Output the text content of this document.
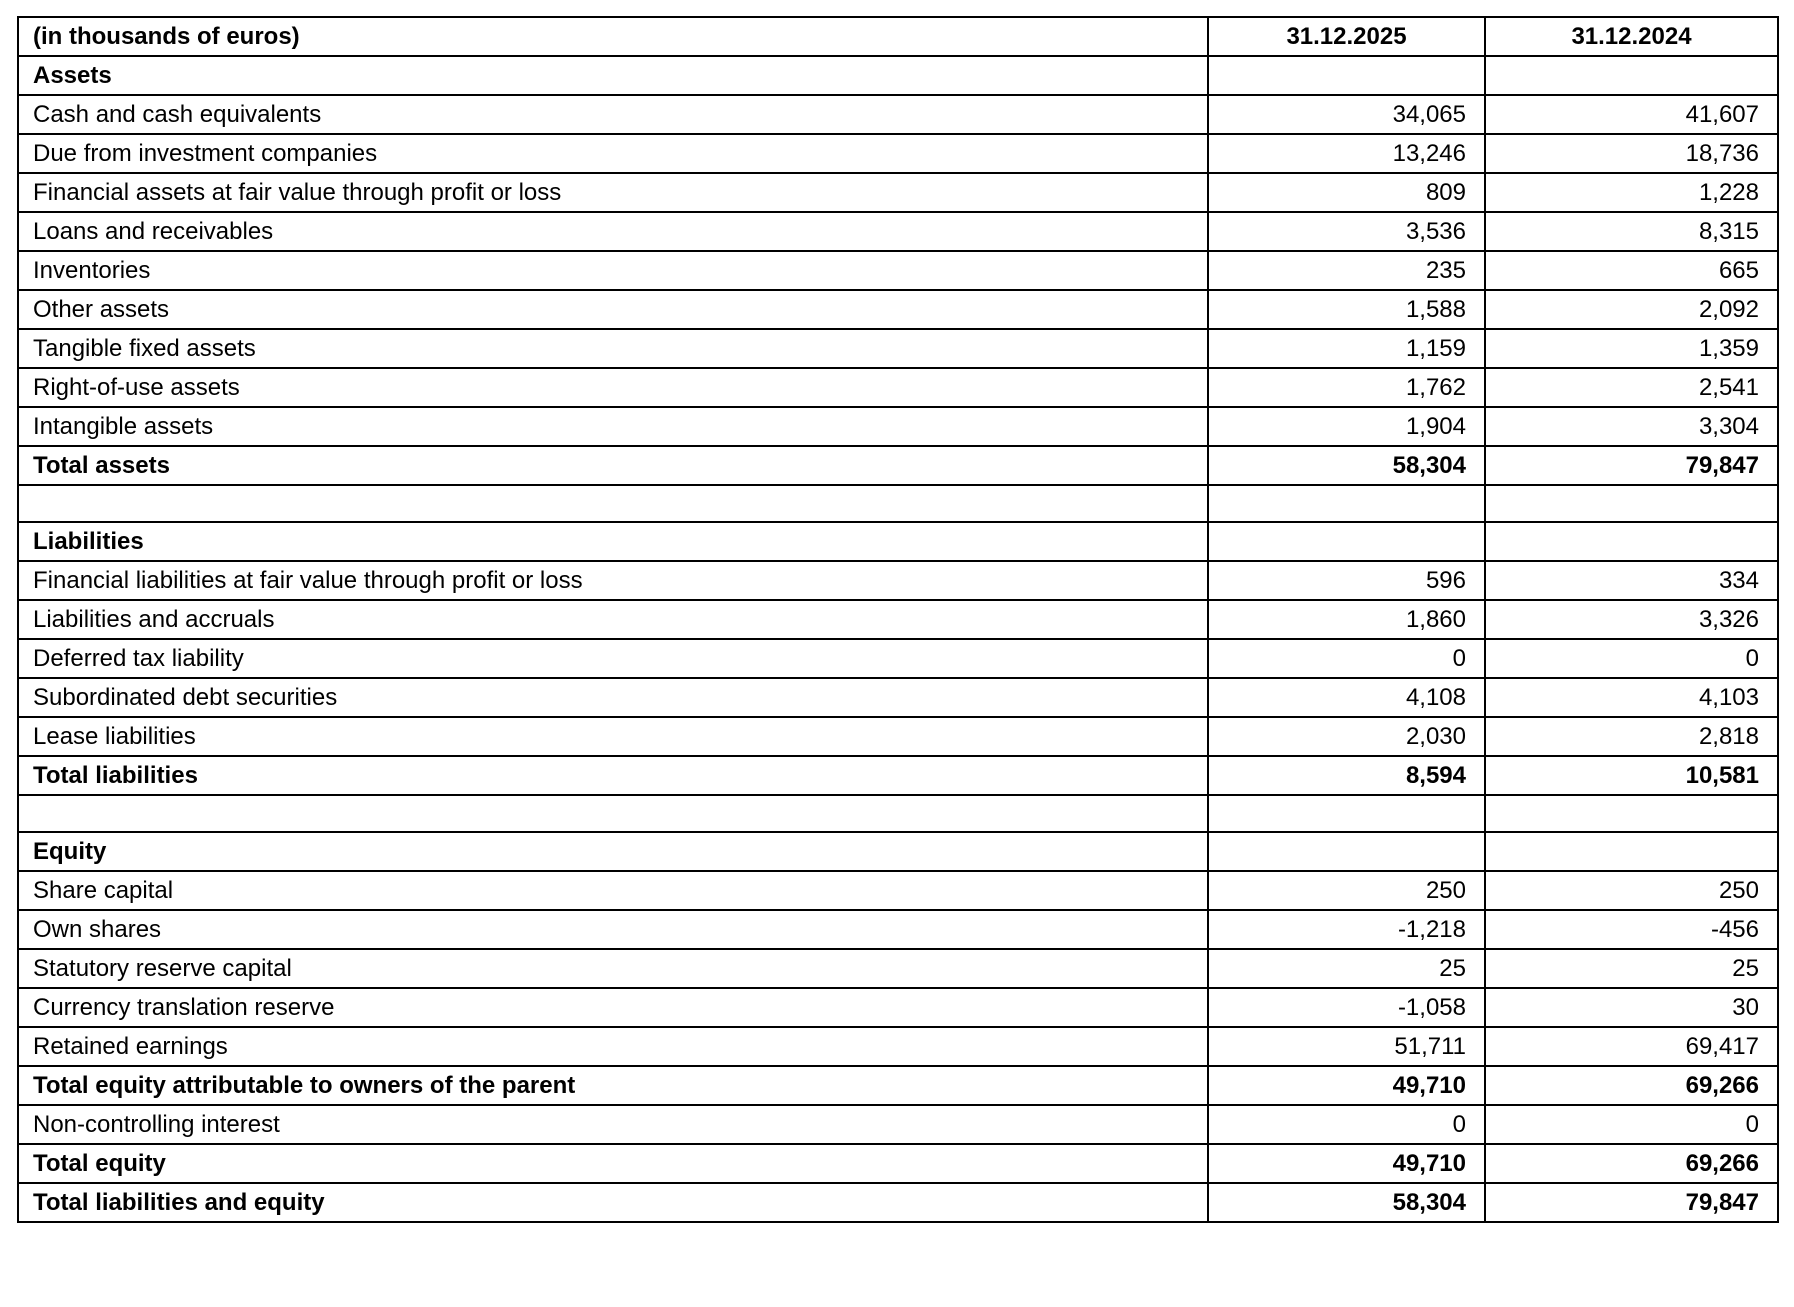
(in thousands of euros)	31.12.2025	31.12.2024
Assets		
Cash and cash equivalents	34,065	41,607
Due from investment companies	13,246	18,736
Financial assets at fair value through profit or loss	809	1,228
Loans and receivables	3,536	8,315
Inventories	235	665
Other assets	1,588	2,092
Tangible fixed assets	1,159	1,359
Right-of-use assets	1,762	2,541
Intangible assets	1,904	3,304
Total assets	58,304	79,847

Liabilities		
Financial liabilities at fair value through profit or loss	596	334
Liabilities and accruals	1,860	3,326
Deferred tax liability	0	0
Subordinated debt securities	4,108	4,103
Lease liabilities	2,030	2,818
Total liabilities	8,594	10,581

Equity		
Share capital	250	250
Own shares	-1,218	-456
Statutory reserve capital	25	25
Currency translation reserve	-1,058	30
Retained earnings	51,711	69,417
Total equity attributable to owners of the parent	49,710	69,266
Non-controlling interest	0	0
Total equity	49,710	69,266
Total liabilities and equity	58,304	79,847
